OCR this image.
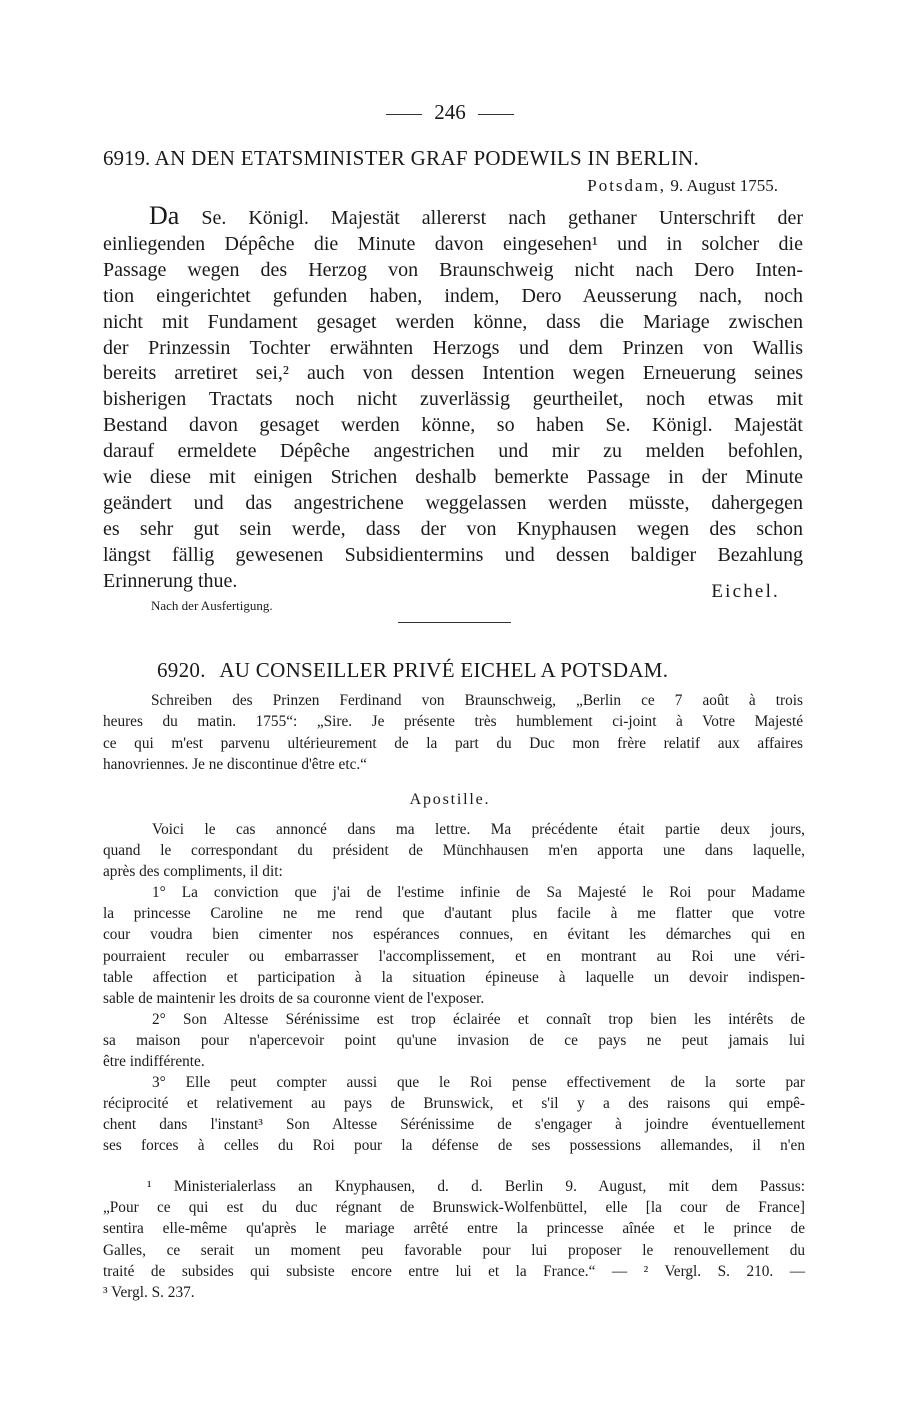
246
6919. AN DEN ETATSMINISTER GRAF PODEWILS IN BERLIN.
Potsdam, 9. August 1755.
Da Se. Königl. Majestät allererst nach gethaner Unterschrift der
einliegenden Dépêche die Minute davon eingesehen¹ und in solcher die
Passage wegen des Herzog von Braunschweig nicht nach Dero Inten-
tion eingerichtet gefunden haben, indem, Dero Aeusserung nach, noch
nicht mit Fundament gesaget werden könne, dass die Mariage zwischen
der Prinzessin Tochter erwähnten Herzogs und dem Prinzen von Wallis
bereits arretiret sei,² auch von dessen Intention wegen Erneuerung seines
bisherigen Tractats noch nicht zuverlässig geurtheilet, noch etwas mit
Bestand davon gesaget werden könne, so haben Se. Königl. Majestät
darauf ermeldete Dépêche angestrichen und mir zu melden befohlen,
wie diese mit einigen Strichen deshalb bemerkte Passage in der Minute
geändert und das angestrichene weggelassen werden müsste, dahergegen
es sehr gut sein werde, dass der von Knyphausen wegen des schon
längst fällig gewesenen Subsidientermins und dessen baldiger Bezahlung
Erinnerung thue.	Eichel.
Nach der Ausfertigung.
6920. AU CONSEILLER PRIVÉ EICHEL A POTSDAM.
Schreiben des Prinzen Ferdinand von Braunschweig, „Berlin ce 7 août à trois
heures du matin. 1755“: „Sire. Je présente très humblement ci-joint à Votre Majesté
ce qui m'est parvenu ultérieurement de la part du Duc mon frère relatif aux affaires
hanovriennes. Je ne discontinue d'être etc.“
Apostille.
Voici le cas annoncé dans ma lettre. Ma précédente était partie deux jours,
quand le correspondant du président de Münchhausen m'en apporta une dans laquelle,
après des compliments, il dit:
1° La conviction que j'ai de l'estime infinie de Sa Majesté le Roi pour Madame
la princesse Caroline ne me rend que d'autant plus facile à me flatter que votre
cour voudra bien cimenter nos espérances connues, en évitant les démarches qui en
pourraient reculer ou embarrasser l'accomplissement, et en montrant au Roi une véri-
table affection et participation à la situation épineuse à laquelle un devoir indispen-
sable de maintenir les droits de sa couronne vient de l'exposer.
2° Son Altesse Sérénissime est trop éclairée et connaît trop bien les intérêts de
sa maison pour n'apercevoir point qu'une invasion de ce pays ne peut jamais lui
être indifférente.
3° Elle peut compter aussi que le Roi pense effectivement de la sorte par
réciprocité et relativement au pays de Brunswick, et s'il y a des raisons qui empê-
chent dans l'instant³ Son Altesse Sérénissime de s'engager à joindre éventuellement
ses forces à celles du Roi pour la défense de ses possessions allemandes, il n'en
¹ Ministerialerlass an Knyphausen, d. d. Berlin 9. August, mit dem Passus:
„Pour ce qui est du duc régnant de Brunswick-Wolfenbüttel, elle [la cour de France]
sentira elle-même qu'après le mariage arrêté entre la princesse aînée et le prince de
Galles, ce serait un moment peu favorable pour lui proposer le renouvellement du
traité de subsides qui subsiste encore entre lui et la France.“ — ² Vergl. S. 210. —
³ Vergl. S. 237.
